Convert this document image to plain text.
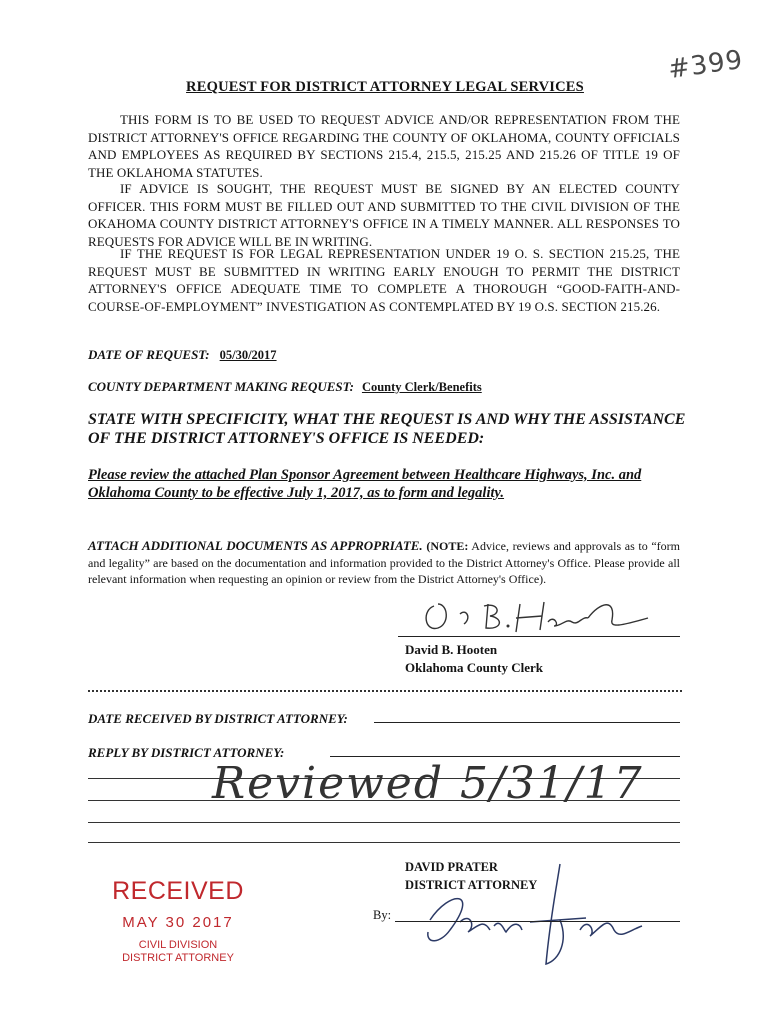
#399
REQUEST FOR DISTRICT ATTORNEY LEGAL SERVICES
THIS FORM IS TO BE USED TO REQUEST ADVICE AND/OR REPRESENTATION FROM THE DISTRICT ATTORNEY'S OFFICE REGARDING THE COUNTY OF OKLAHOMA, COUNTY OFFICIALS AND EMPLOYEES AS REQUIRED BY SECTIONS 215.4, 215.5, 215.25 AND 215.26 OF TITLE 19 OF THE OKLAHOMA STATUTES.
IF ADVICE IS SOUGHT, THE REQUEST MUST BE SIGNED BY AN ELECTED COUNTY OFFICER. THIS FORM MUST BE FILLED OUT AND SUBMITTED TO THE CIVIL DIVISION OF THE OKAHOMA COUNTY DISTRICT ATTORNEY'S OFFICE IN A TIMELY MANNER. ALL RESPONSES TO REQUESTS FOR ADVICE WILL BE IN WRITING.
IF THE REQUEST IS FOR LEGAL REPRESENTATION UNDER 19 O. S. SECTION 215.25, THE REQUEST MUST BE SUBMITTED IN WRITING EARLY ENOUGH TO PERMIT THE DISTRICT ATTORNEY'S OFFICE ADEQUATE TIME TO COMPLETE A THOROUGH “GOOD-FAITH-AND-COURSE-OF-EMPLOYMENT” INVESTIGATION AS CONTEMPLATED BY 19 O.S. SECTION 215.26.
DATE OF REQUEST: 05/30/2017
COUNTY DEPARTMENT MAKING REQUEST: County Clerk/Benefits
STATE WITH SPECIFICITY, WHAT THE REQUEST IS AND WHY THE ASSISTANCE OF THE DISTRICT ATTORNEY'S OFFICE IS NEEDED:
Please review the attached Plan Sponsor Agreement between Healthcare Highways, Inc. and Oklahoma County to be effective July 1, 2017, as to form and legality.
ATTACH ADDITIONAL DOCUMENTS AS APPROPRIATE. (NOTE: Advice, reviews and approvals as to “form and legality” are based on the documentation and information provided to the District Attorney's Office. Please provide all relevant information when requesting an opinion or review from the District Attorney's Office).
David B. Hooten
Oklahoma County Clerk
DATE RECEIVED BY DISTRICT ATTORNEY:
REPLY BY DISTRICT ATTORNEY:
Reviewed 5/31/17
DAVID PRATER
DISTRICT ATTORNEY
By:
RECEIVED
MAY 30 2017
CIVIL DIVISION
DISTRICT ATTORNEY
